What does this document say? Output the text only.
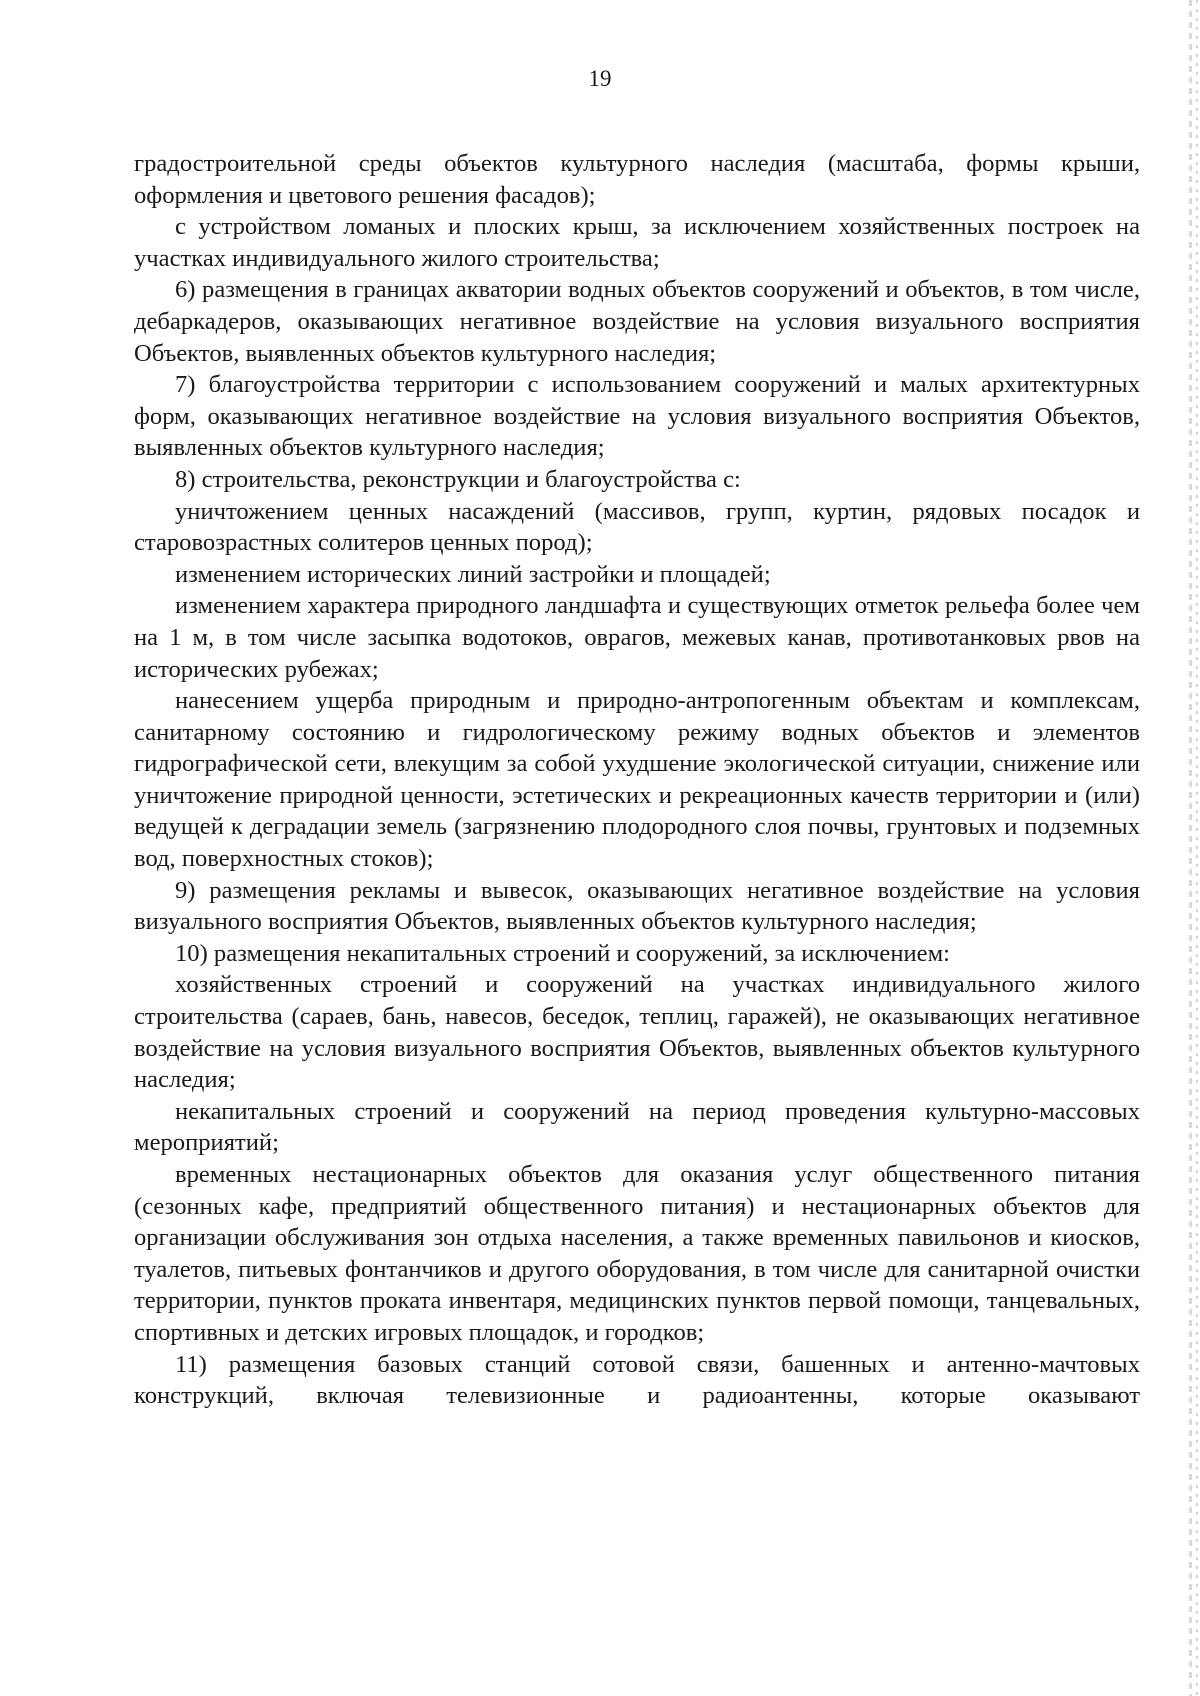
19

градостроительной среды объектов культурного наследия (масштаба, формы крыши, оформления и цветового решения фасадов);

с устройством ломаных и плоских крыш, за исключением хозяйственных построек на участках индивидуального жилого строительства;

6) размещения в границах акватории водных объектов сооружений и объектов, в том числе, дебаркадеров, оказывающих негативное воздействие на условия визуального восприятия Объектов, выявленных объектов культурного наследия;

7) благоустройства территории с использованием сооружений и малых архитектурных форм, оказывающих негативное воздействие на условия визуального восприятия Объектов, выявленных объектов культурного наследия;

8) строительства, реконструкции и благоустройства с:

уничтожением ценных насаждений (массивов, групп, куртин, рядовых посадок и старовозрастных солитеров ценных пород);

изменением исторических линий застройки и площадей;

изменением характера природного ландшафта и существующих отметок рельефа более чем на 1 м, в том числе засыпка водотоков, оврагов, межевых канав, противотанковых рвов на исторических рубежах;

нанесением ущерба природным и природно-антропогенным объектам и комплексам, санитарному состоянию и гидрологическому режиму водных объектов и элементов гидрографической сети, влекущим за собой ухудшение экологической ситуации, снижение или уничтожение природной ценности, эстетических и рекреационных качеств территории и (или) ведущей к деградации земель (загрязнению плодородного слоя почвы, грунтовых и подземных вод, поверхностных стоков);

9) размещения рекламы и вывесок, оказывающих негативное воздействие на условия визуального восприятия Объектов, выявленных объектов культурного наследия;

10) размещения некапитальных строений и сооружений, за исключением:

хозяйственных строений и сооружений на участках индивидуального жилого строительства (сараев, бань, навесов, беседок, теплиц, гаражей), не оказывающих негативное воздействие на условия визуального восприятия Объектов, выявленных объектов культурного наследия;

некапитальных строений и сооружений на период проведения культурно-массовых мероприятий;

временных нестационарных объектов для оказания услуг общественного питания (сезонных кафе, предприятий общественного питания) и нестационарных объектов для организации обслуживания зон отдыха населения, а также временных павильонов и киосков, туалетов, питьевых фонтанчиков и другого оборудования, в том числе для санитарной очистки территории, пунктов проката инвентаря, медицинских пунктов первой помощи, танцевальных, спортивных и детских игровых площадок, и городков;

11) размещения базовых станций сотовой связи, башенных и антенно-мачтовых конструкций, включая телевизионные и радиоантенны, которые оказывают
